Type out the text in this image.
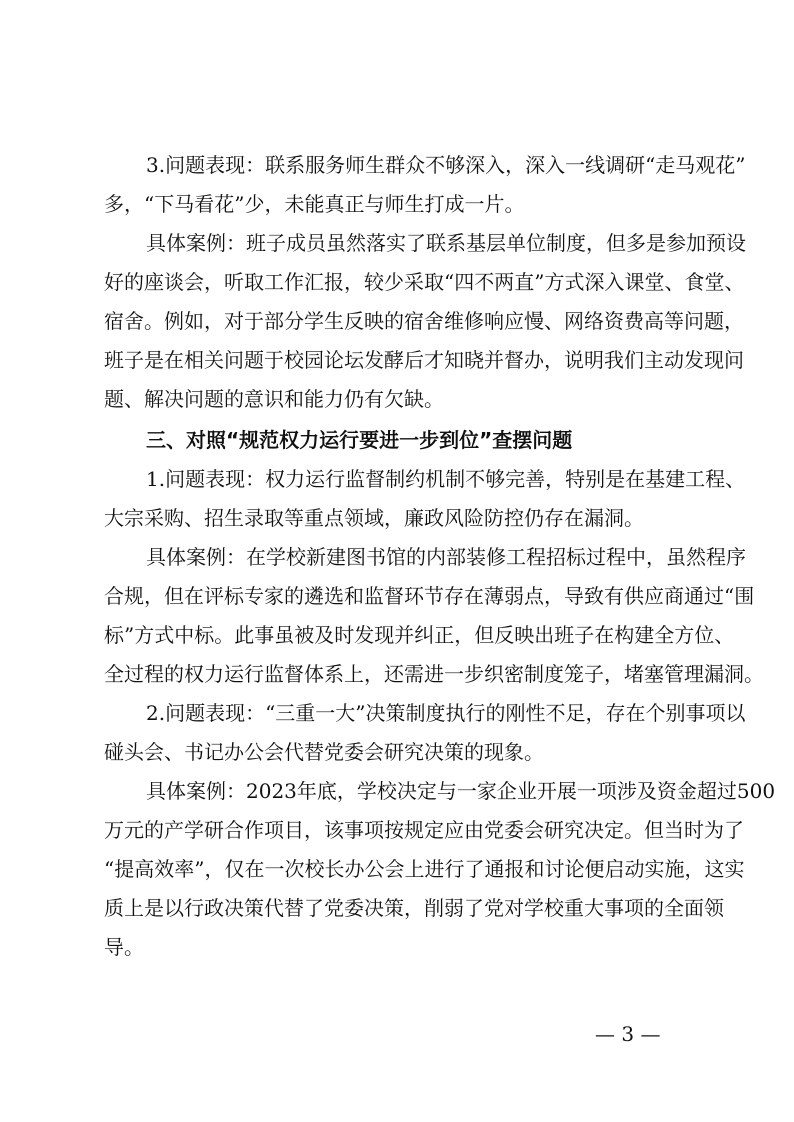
3.问题表现：联系服务师生群众不够深入，深入一线调研“走马观花”
多，“下马看花”少，未能真正与师生打成一片。
具体案例：班子成员虽然落实了联系基层单位制度，但多是参加预设
好的座谈会，听取工作汇报，较少采取“四不两直”方式深入课堂、食堂、
宿舍。例如，对于部分学生反映的宿舍维修响应慢、网络资费高等问题，
班子是在相关问题于校园论坛发酵后才知晓并督办，说明我们主动发现问
题、解决问题的意识和能力仍有欠缺。
三、对照“规范权力运行要进一步到位”查摆问题
1.问题表现：权力运行监督制约机制不够完善，特别是在基建工程、
大宗采购、招生录取等重点领域，廉政风险防控仍存在漏洞。
具体案例：在学校新建图书馆的内部装修工程招标过程中，虽然程序
合规，但在评标专家的遴选和监督环节存在薄弱点，导致有供应商通过“围
标”方式中标。此事虽被及时发现并纠正，但反映出班子在构建全方位、
全过程的权力运行监督体系上，还需进一步织密制度笼子，堵塞管理漏洞。
2.问题表现：“三重一大”决策制度执行的刚性不足，存在个别事项以
碰头会、书记办公会代替党委会研究决策的现象。
具体案例：2023年底，学校决定与一家企业开展一项涉及资金超过500
万元的产学研合作项目，该事项按规定应由党委会研究决定。但当时为了
“提高效率”，仅在一次校长办公会上进行了通报和讨论便启动实施，这实
质上是以行政决策代替了党委决策，削弱了党对学校重大事项的全面领
导。
— 3 —
